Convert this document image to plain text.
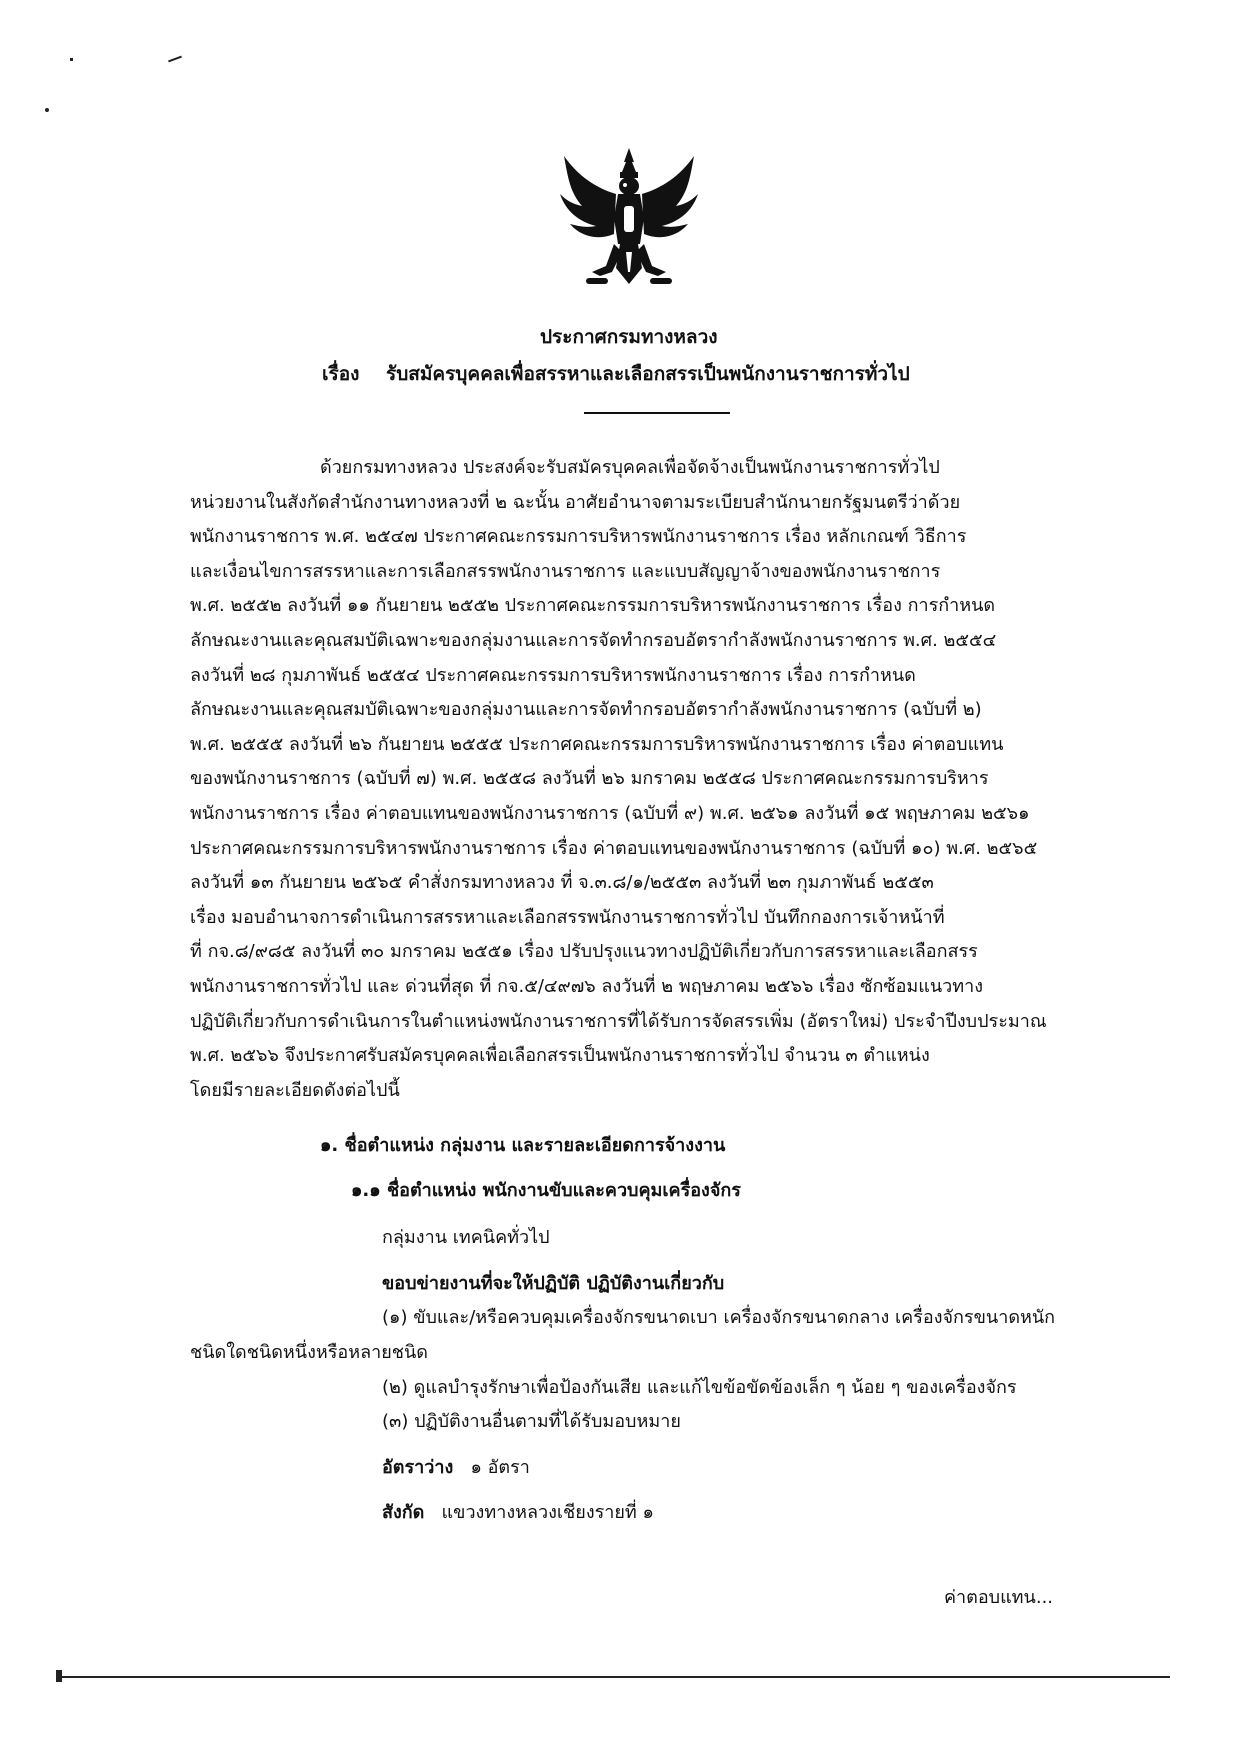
ประกาศกรมทางหลวง
เรื่อง รับสมัครบุคคลเพื่อสรรหาและเลือกสรรเป็นพนักงานราชการทั่วไป
ด้วยกรมทางหลวง ประสงค์จะรับสมัครบุคคลเพื่อจัดจ้างเป็นพนักงานราชการทั่วไป
หน่วยงานในสังกัดสำนักงานทางหลวงที่ ๒ ฉะนั้น อาศัยอำนาจตามระเบียบสำนักนายกรัฐมนตรีว่าด้วย
พนักงานราชการ พ.ศ. ๒๕๔๗ ประกาศคณะกรรมการบริหารพนักงานราชการ เรื่อง หลักเกณฑ์ วิธีการ
และเงื่อนไขการสรรหาและการเลือกสรรพนักงานราชการ และแบบสัญญาจ้างของพนักงานราชการ
พ.ศ. ๒๕๕๒ ลงวันที่ ๑๑ กันยายน ๒๕๕๒ ประกาศคณะกรรมการบริหารพนักงานราชการ เรื่อง การกำหนด
ลักษณะงานและคุณสมบัติเฉพาะของกลุ่มงานและการจัดทำกรอบอัตรากำลังพนักงานราชการ พ.ศ. ๒๕๕๔
ลงวันที่ ๒๘ กุมภาพันธ์ ๒๕๕๔ ประกาศคณะกรรมการบริหารพนักงานราชการ เรื่อง การกำหนด
ลักษณะงานและคุณสมบัติเฉพาะของกลุ่มงานและการจัดทำกรอบอัตรากำลังพนักงานราชการ (ฉบับที่ ๒)
พ.ศ. ๒๕๕๕ ลงวันที่ ๒๖ กันยายน ๒๕๕๕ ประกาศคณะกรรมการบริหารพนักงานราชการ เรื่อง ค่าตอบแทน
ของพนักงานราชการ (ฉบับที่ ๗) พ.ศ. ๒๕๕๘ ลงวันที่ ๒๖ มกราคม ๒๕๕๘ ประกาศคณะกรรมการบริหาร
พนักงานราชการ เรื่อง ค่าตอบแทนของพนักงานราชการ (ฉบับที่ ๙) พ.ศ. ๒๕๖๑ ลงวันที่ ๑๕ พฤษภาคม ๒๕๖๑
ประกาศคณะกรรมการบริหารพนักงานราชการ เรื่อง ค่าตอบแทนของพนักงานราชการ (ฉบับที่ ๑๐) พ.ศ. ๒๕๖๕
ลงวันที่ ๑๓ กันยายน ๒๕๖๕ คำสั่งกรมทางหลวง ที่ จ.๓.๘/๑/๒๕๕๓ ลงวันที่ ๒๓ กุมภาพันธ์ ๒๕๕๓
เรื่อง มอบอำนาจการดำเนินการสรรหาและเลือกสรรพนักงานราชการทั่วไป บันทึกกองการเจ้าหน้าที่
ที่ กจ.๘/๙๘๕ ลงวันที่ ๓๐ มกราคม ๒๕๕๑ เรื่อง ปรับปรุงแนวทางปฏิบัติเกี่ยวกับการสรรหาและเลือกสรร
พนักงานราชการทั่วไป และ ด่วนที่สุด ที่ กจ.๕/๔๙๗๖ ลงวันที่ ๒ พฤษภาคม ๒๕๖๖ เรื่อง ซักซ้อมแนวทาง
ปฏิบัติเกี่ยวกับการดำเนินการในตำแหน่งพนักงานราชการที่ได้รับการจัดสรรเพิ่ม (อัตราใหม่) ประจำปีงบประมาณ
พ.ศ. ๒๕๖๖ จึงประกาศรับสมัครบุคคลเพื่อเลือกสรรเป็นพนักงานราชการทั่วไป จำนวน ๓ ตำแหน่ง
โดยมีรายละเอียดดังต่อไปนี้
๑. ชื่อตำแหน่ง กลุ่มงาน และรายละเอียดการจ้างงาน
๑.๑ ชื่อตำแหน่ง พนักงานขับและควบคุมเครื่องจักร
กลุ่มงาน เทคนิคทั่วไป
ขอบข่ายงานที่จะให้ปฏิบัติ ปฏิบัติงานเกี่ยวกับ
(๑) ขับและ/หรือควบคุมเครื่องจักรขนาดเบา เครื่องจักรขนาดกลาง เครื่องจักรขนาดหนัก
ชนิดใดชนิดหนึ่งหรือหลายชนิด
(๒) ดูแลบำรุงรักษาเพื่อป้องกันเสีย และแก้ไขข้อขัดข้องเล็ก ๆ น้อย ๆ ของเครื่องจักร
(๓) ปฏิบัติงานอื่นตามที่ได้รับมอบหมาย
อัตราว่าง ๑ อัตรา
สังกัด แขวงทางหลวงเชียงรายที่ ๑
ค่าตอบแทน...
